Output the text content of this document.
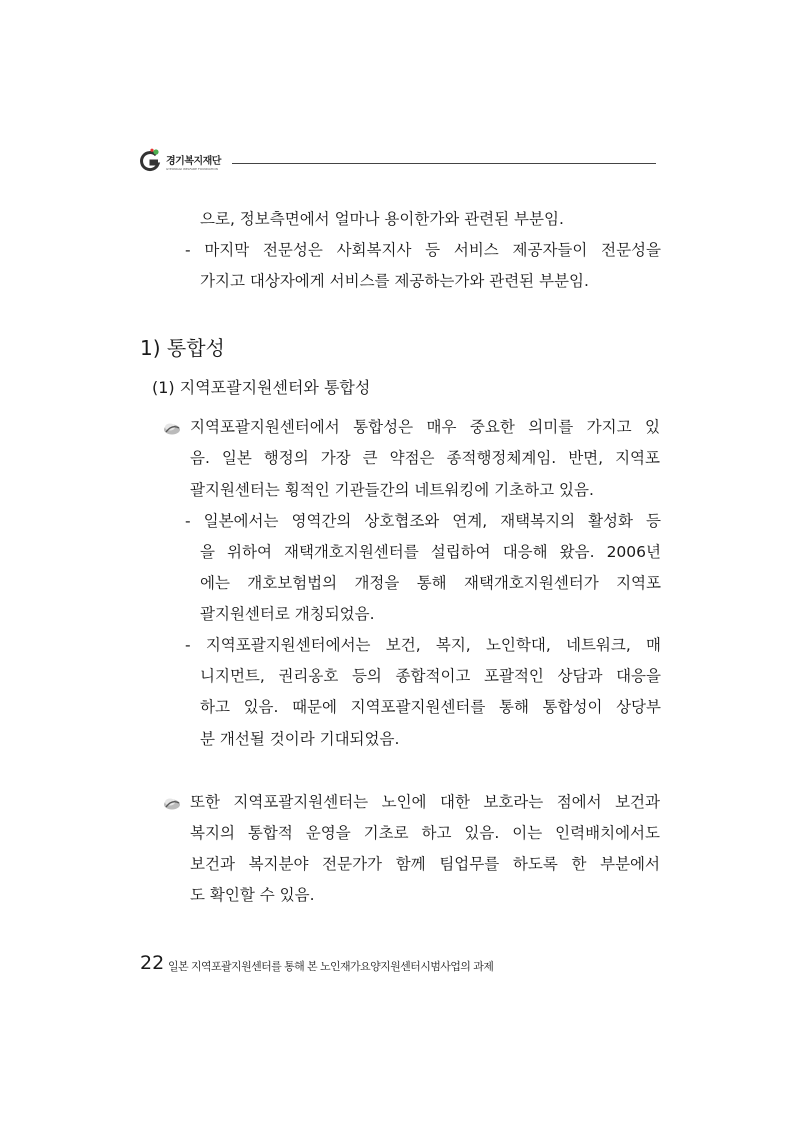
경기복지재단
GYEONGGI WELFARE FOUNDATION
으로, 정보측면에서 얼마나 용이한가와 관련된 부분임.
- 마지막 전문성은 사회복지사 등 서비스 제공자들이 전문성을
가지고 대상자에게 서비스를 제공하는가와 관련된 부분임.
1) 통합성
(1) 지역포괄지원센터와 통합성
지역포괄지원센터에서 통합성은 매우 중요한 의미를 가지고 있
음. 일본 행정의 가장 큰 약점은 종적행정체계임. 반면, 지역포
괄지원센터는 횡적인 기관들간의 네트워킹에 기초하고 있음.
- 일본에서는 영역간의 상호협조와 연계, 재택복지의 활성화 등
을 위하여 재택개호지원센터를 설립하여 대응해 왔음. 2006년
에는 개호보험법의 개정을 통해 재택개호지원센터가 지역포
괄지원센터로 개칭되었음.
- 지역포괄지원센터에서는 보건, 복지, 노인학대, 네트워크, 매
니지먼트, 권리옹호 등의 종합적이고 포괄적인 상담과 대응을
하고 있음. 때문에 지역포괄지원센터를 통해 통합성이 상당부
분 개선될 것이라 기대되었음.
또한 지역포괄지원센터는 노인에 대한 보호라는 점에서 보건과
복지의 통합적 운영을 기초로 하고 있음. 이는 인력배치에서도
보건과 복지분야 전문가가 함께 팀업무를 하도록 한 부분에서
도 확인할 수 있음.
22 일본 지역포괄지원센터를 통해 본 노인재가요양지원센터시범사업의 과제
